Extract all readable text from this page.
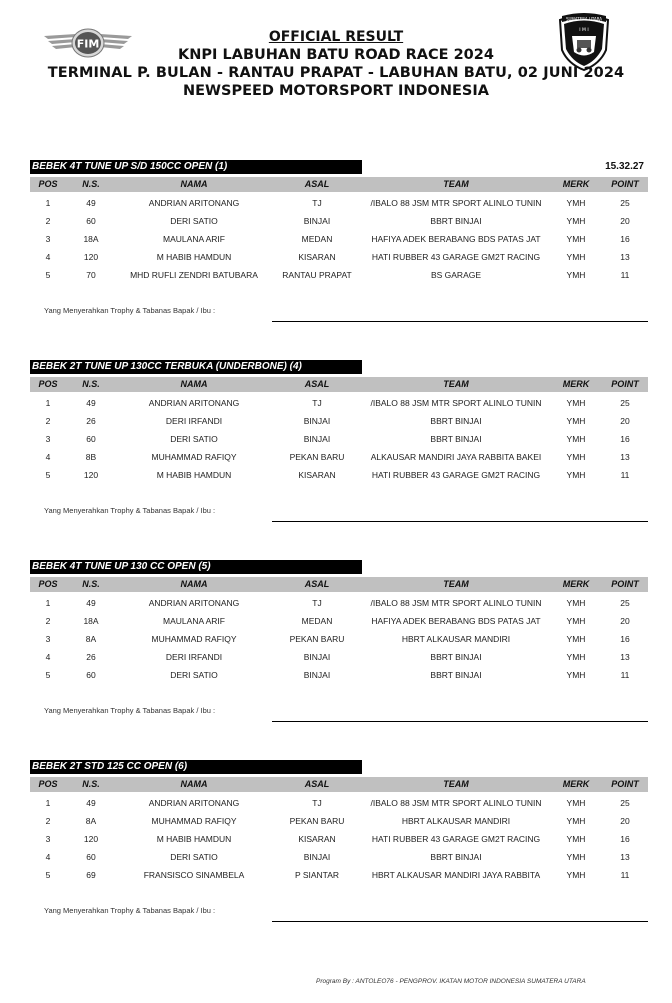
FIM
SUMATERA UTARA
I M I
OFFICIAL RESULT
KNPI LABUHAN BATU ROAD RACE 2024
TERMINAL P. BULAN - RANTAU PRAPAT - LABUHAN BATU, 02 JUNI 2024
NEWSPEED MOTORSPORT INDONESIA
BEBEK 4T TUNE UP S/D 150CC OPEN (1)	15.32.27
POS	N.S.	NAMA	ASAL	TEAM	MERK	POINT
1	49	ANDRIAN ARITONANG	TJ	/IBALO 88 JSM MTR SPORT ALINLO TUNIN	YMH	25
2	60	DERI SATIO	BINJAI	BBRT BINJAI	YMH	20
3	18A	MAULANA ARIF	MEDAN	HAFIYA ADEK BERABANG BDS PATAS JAT	YMH	16
4	120	M HABIB HAMDUN	KISARAN	HATI RUBBER 43 GARAGE GM2T RACING	YMH	13
5	70	MHD RUFLI ZENDRI BATUBARA	RANTAU PRAPAT	BS GARAGE	YMH	11
Yang Menyerahkan Trophy & Tabanas Bapak / Ibu :
BEBEK 2T TUNE UP 130CC TERBUKA (UNDERBONE) (4)
POS	N.S.	NAMA	ASAL	TEAM	MERK	POINT
1	49	ANDRIAN ARITONANG	TJ	/IBALO 88 JSM MTR SPORT ALINLO TUNIN	YMH	25
2	26	DERI IRFANDI	BINJAI	BBRT BINJAI	YMH	20
3	60	DERI SATIO	BINJAI	BBRT BINJAI	YMH	16
4	8B	MUHAMMAD RAFIQY	PEKAN BARU	ALKAUSAR MANDIRI JAYA RABBITA BAKEI	YMH	13
5	120	M HABIB HAMDUN	KISARAN	HATI RUBBER 43 GARAGE GM2T RACING	YMH	11
Yang Menyerahkan Trophy & Tabanas Bapak / Ibu :
BEBEK 4T TUNE UP 130 CC OPEN (5)
POS	N.S.	NAMA	ASAL	TEAM	MERK	POINT
1	49	ANDRIAN ARITONANG	TJ	/IBALO 88 JSM MTR SPORT ALINLO TUNIN	YMH	25
2	18A	MAULANA ARIF	MEDAN	HAFIYA ADEK BERABANG BDS PATAS JAT	YMH	20
3	8A	MUHAMMAD RAFIQY	PEKAN BARU	HBRT ALKAUSAR MANDIRI	YMH	16
4	26	DERI IRFANDI	BINJAI	BBRT BINJAI	YMH	13
5	60	DERI SATIO	BINJAI	BBRT BINJAI	YMH	11
Yang Menyerahkan Trophy & Tabanas Bapak / Ibu :
BEBEK 2T STD 125 CC OPEN (6)
POS	N.S.	NAMA	ASAL	TEAM	MERK	POINT
1	49	ANDRIAN ARITONANG	TJ	/IBALO 88 JSM MTR SPORT ALINLO TUNIN	YMH	25
2	8A	MUHAMMAD RAFIQY	PEKAN BARU	HBRT ALKAUSAR MANDIRI	YMH	20
3	120	M HABIB HAMDUN	KISARAN	HATI RUBBER 43 GARAGE GM2T RACING	YMH	16
4	60	DERI SATIO	BINJAI	BBRT BINJAI	YMH	13
5	69	FRANSISCO SINAMBELA	P SIANTAR	HBRT ALKAUSAR MANDIRI JAYA RABBITA	YMH	11
Yang Menyerahkan Trophy & Tabanas Bapak / Ibu :
Program By : ANTOLEO76 - PENGPROV. IKATAN MOTOR INDONESIA SUMATERA UTARA
